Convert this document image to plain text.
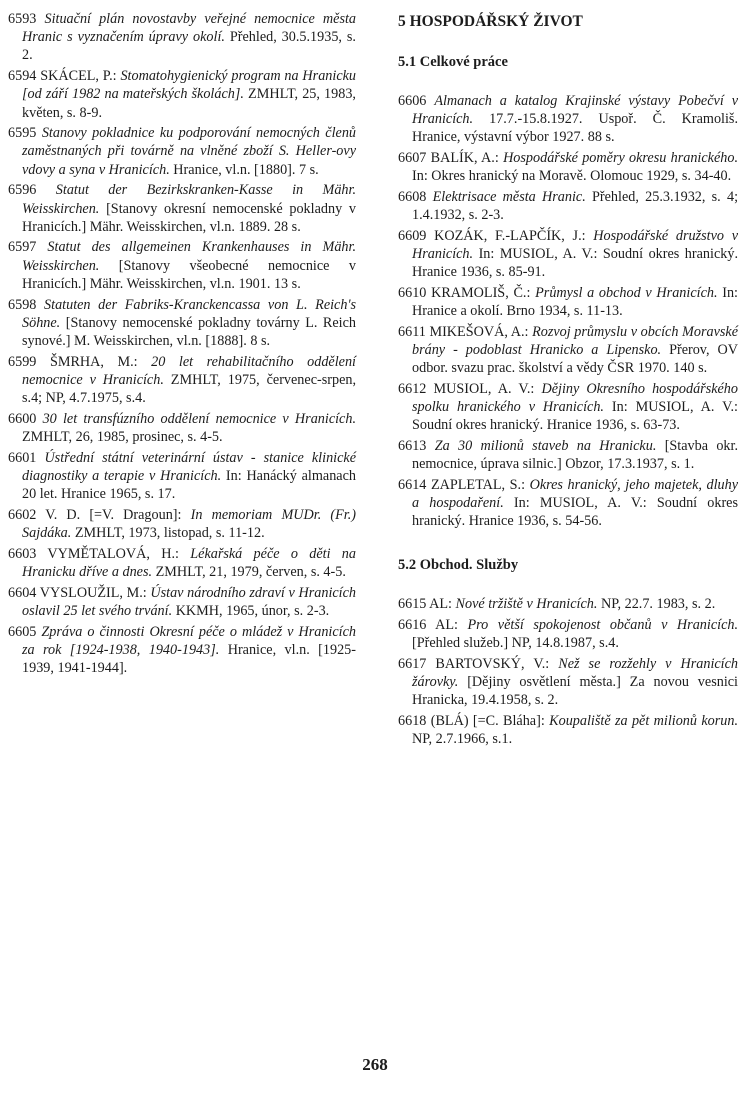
6593 Situační plán novostavby veřejné nemocnice města Hranic s vyznačením úpravy okolí. Přehled, 30.5.1935, s. 2.

6594 SKÁCEL, P.: Stomatohygienický program na Hranicku [od září 1982 na mateřských školách]. ZMHLT, 25, 1983, květen, s. 8-9.

6595 Stanovy pokladnice ku podporování nemocných členů zaměstnaných při továrně na vlněné zboží S. Heller-ovy vdovy a syna v Hranicích. Hranice, vl.n. [1880]. 7 s.

6596 Statut der Bezirkskranken-Kasse in Mähr. Weisskirchen. [Stanovy okresní nemocenské pokladny v Hranicích.] Mähr. Weisskirchen, vl.n. 1889. 28 s.

6597 Statut des allgemeinen Krankenhauses in Mähr. Weisskirchen. [Stanovy všeobecné nemocnice v Hranicích.] Mähr. Weisskirchen, vl.n. 1901. 13 s.

6598 Statuten der Fabriks-Kranckencassa von L. Reich's Söhne. [Stanovy nemocenské pokladny továrny L. Reich synové.] M. Weisskirchen, vl.n. [1888]. 8 s.

6599 ŠMRHA, M.: 20 let rehabilitačního oddělení nemocnice v Hranicích. ZMHLT, 1975, červenec-srpen, s.4; NP, 4.7.1975, s.4.

6600 30 let transfúzního oddělení nemocnice v Hranicích. ZMHLT, 26, 1985, prosinec, s. 4-5.

6601 Ústřední státní veterinární ústav - stanice klinické diagnostiky a terapie v Hranicích. In: Hanácký almanach 20 let. Hranice 1965, s. 17.

6602 V. D. [=V. Dragoun]: In memoriam MUDr. (Fr.) Sajdáka. ZMHLT, 1973, listopad, s. 11-12.

6603 VYMĚTALOVÁ, H.: Lékařská péče o děti na Hranicku dříve a dnes. ZMHLT, 21, 1979, červen, s. 4-5.

6604 VYSLOUŽIL, M.: Ústav národního zdraví v Hranicích oslavil 25 let svého trvání. KKMH, 1965, únor, s. 2-3.

6605 Zpráva o činnosti Okresní péče o mládež v Hranicích za rok [1924-1938, 1940-1943]. Hranice, vl.n. [1925-1939, 1941-1944].

5 HOSPODÁŘSKÝ ŽIVOT
5.1 Celkové práce

6606 Almanach a katalog Krajinské výstavy Pobečví v Hranicích. 17.7.-15.8.1927. Uspoř. Č. Kramoliš. Hranice, výstavní výbor 1927. 88 s.

6607 BALÍK, A.: Hospodářské poměry okresu hranického. In: Okres hranický na Moravě. Olomouc 1929, s. 34-40.

6608 Elektrisace města Hranic. Přehled, 25.3.1932, s. 4; 1.4.1932, s. 2-3.

6609 KOZÁK, F.-LAPČÍK, J.: Hospodářské družstvo v Hranicích. In: MUSIOL, A. V.: Soudní okres hranický. Hranice 1936, s. 85-91.

6610 KRAMOLIŠ, Č.: Průmysl a obchod v Hranicích. In: Hranice a okolí. Brno 1934, s. 11-13.

6611 MIKEŠOVÁ, A.: Rozvoj průmyslu v obcích Moravské brány - podoblast Hranicko a Lipensko. Přerov, OV odbor. svazu prac. školství a vědy ČSR 1970. 140 s.

6612 MUSIOL, A. V.: Dějiny Okresního hospodářského spolku hranického v Hranicích. In: MUSIOL, A. V.: Soudní okres hranický. Hranice 1936, s. 63-73.

6613 Za 30 milionů staveb na Hranicku. [Stavba okr. nemocnice, úprava silnic.] Obzor, 17.3.1937, s. 1.

6614 ZAPLETAL, S.: Okres hranický, jeho majetek, dluhy a hospodaření. In: MUSIOL, A. V.: Soudní okres hranický. Hranice 1936, s. 54-56.

5.2 Obchod. Služby

6615 AL: Nové tržiště v Hranicích. NP, 22.7. 1983, s. 2.

6616 AL: Pro větší spokojenost občanů v Hranicích. [Přehled služeb.] NP, 14.8.1987, s.4.

6617 BARTOVSKÝ, V.: Než se rozžehly v Hranicích žárovky. [Dějiny osvětlení města.] Za novou vesnici Hranicka, 19.4.1958, s. 2.

6618 (BLÁ) [=C. Bláha]: Koupaliště za pět milionů korun. NP, 2.7.1966, s.1.

268
